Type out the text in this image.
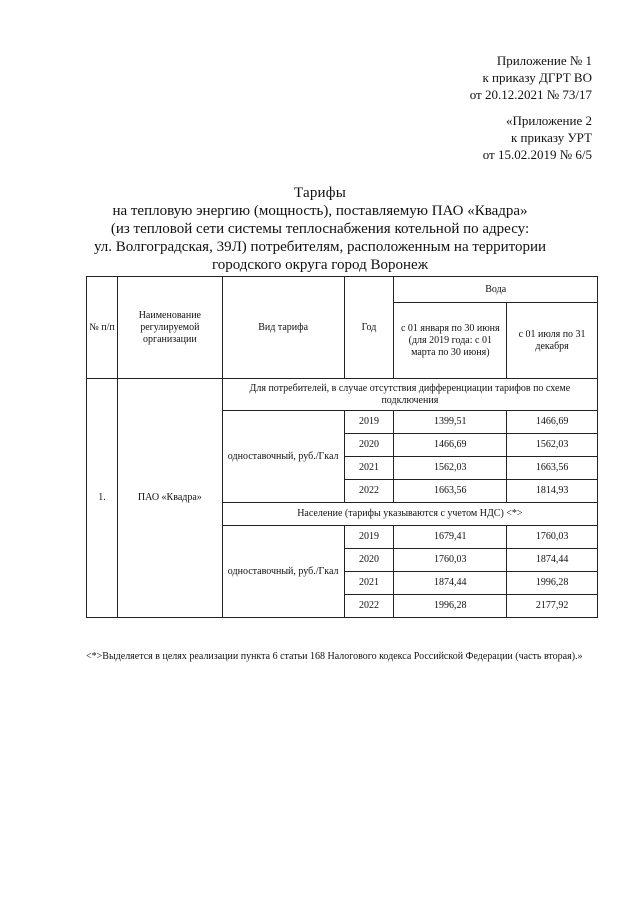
Приложение № 1
к приказу ДГРТ ВО
от 20.12.2021 № 73/17
«Приложение 2
к приказу УРТ
от 15.02.2019 № 6/5
Тарифы
на тепловую энергию (мощность), поставляемую ПАО «Квадра»
(из тепловой сети системы теплоснабжения котельной по адресу:
ул. Волгоградская, 39Л) потребителям, расположенным на территории
городского округа город Воронеж
№ п/п	Наименование регулируемой организации	Вид тарифа	Год	Вода	
				с 01 января по 30 июня (для 2019 года: с 01 марта по 30 июня)	с 01 июля по 31 декабря
1.	ПАО «Квадра»	Для потребителей, в случае отсутствия дифференциации тарифов по схеме подключения			
		одноставочный, руб./Гкал	2019	1399,51	1466,69
			2020	1466,69	1562,03
			2021	1562,03	1663,56
			2022	1663,56	1814,93
		Население (тарифы указываются с учетом НДС) <*>			
		одноставочный, руб./Гкал	2019	1679,41	1760,03
			2020	1760,03	1874,44
			2021	1874,44	1996,28
			2022	1996,28	2177,92
<*>Выделяется в целях реализации пункта 6 статьи 168 Налогового кодекса Российской Федерации (часть вторая).»
